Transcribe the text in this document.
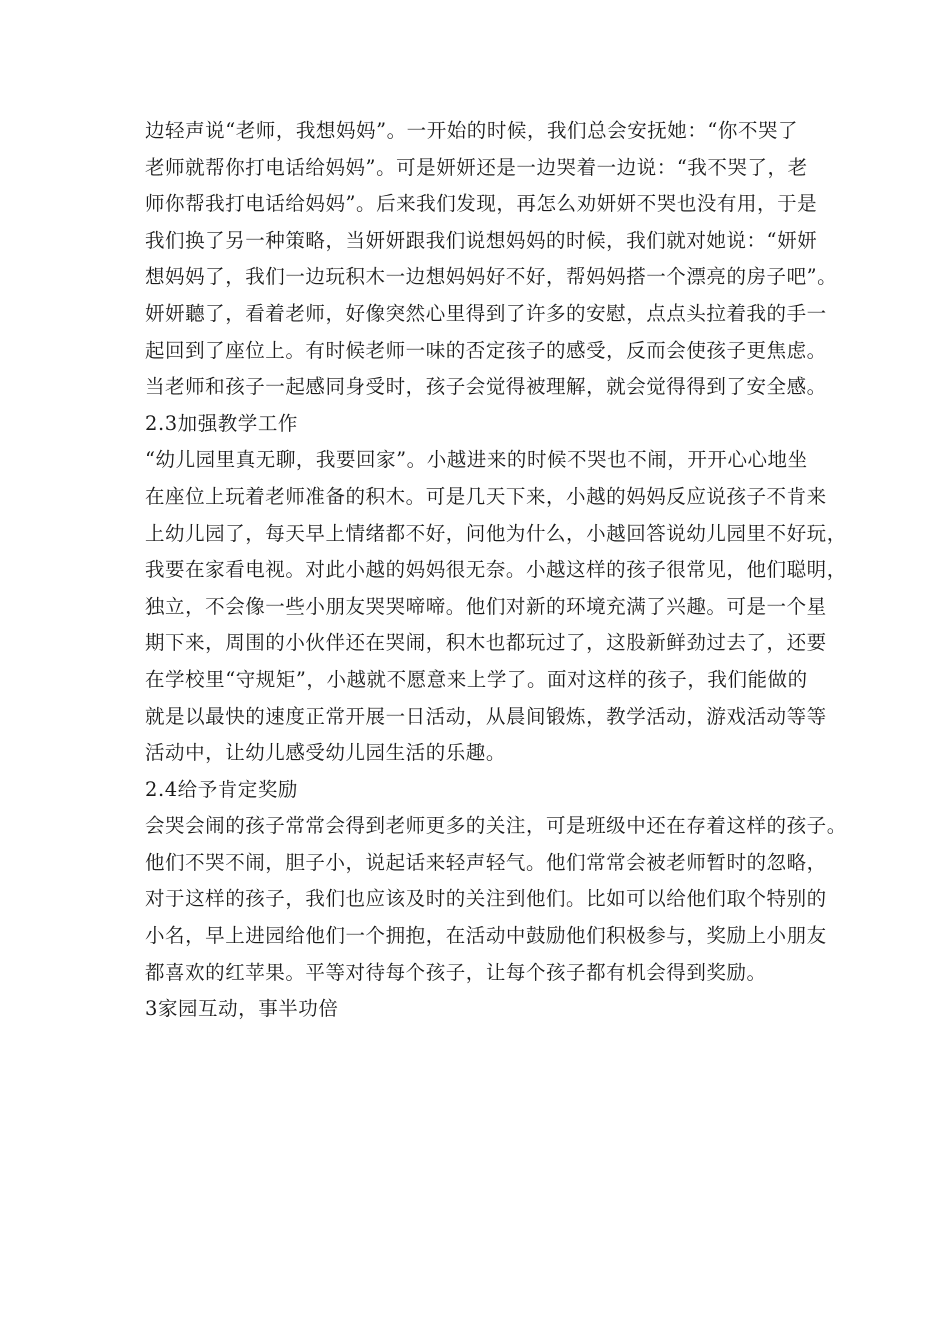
边轻声说“老师，我想妈妈”。一开始的时候，我们总会安抚她：“你不哭了
老师就帮你打电话给妈妈”。可是妍妍还是一边哭着一边说：“我不哭了，老
师你帮我打电话给妈妈”。后来我们发现，再怎么劝妍妍不哭也没有用，于是
我们换了另一种策略，当妍妍跟我们说想妈妈的时候，我们就对她说：“妍妍
想妈妈了，我们一边玩积木一边想妈妈好不好，帮妈妈搭一个漂亮的房子吧”。
妍妍聽了，看着老师，好像突然心里得到了许多的安慰，点点头拉着我的手一
起回到了座位上。有时候老师一味的否定孩子的感受，反而会使孩子更焦虑。
当老师和孩子一起感同身受时，孩子会觉得被理解，就会觉得得到了安全感。
2.3加强教学工作
“幼儿园里真无聊，我要回家”。小越进来的时候不哭也不闹，开开心心地坐
在座位上玩着老师准备的积木。可是几天下来，小越的妈妈反应说孩子不肯来
上幼儿园了，每天早上情绪都不好，问他为什么，小越回答说幼儿园里不好玩，
我要在家看电视。对此小越的妈妈很无奈。小越这样的孩子很常见，他们聪明，
独立，不会像一些小朋友哭哭啼啼。他们对新的环境充满了兴趣。可是一个星
期下来，周围的小伙伴还在哭闹，积木也都玩过了，这股新鲜劲过去了，还要
在学校里“守规矩”，小越就不愿意来上学了。面对这样的孩子，我们能做的
就是以最快的速度正常开展一日活动，从晨间锻炼，教学活动，游戏活动等等
活动中，让幼儿感受幼儿园生活的乐趣。
2.4给予肯定奖励
会哭会闹的孩子常常会得到老师更多的关注，可是班级中还在存着这样的孩子。
他们不哭不闹，胆子小，说起话来轻声轻气。他们常常会被老师暂时的忽略，
对于这样的孩子，我们也应该及时的关注到他们。比如可以给他们取个特别的
小名，早上进园给他们一个拥抱，在活动中鼓励他们积极参与，奖励上小朋友
都喜欢的红苹果。平等对待每个孩子，让每个孩子都有机会得到奖励。
3家园互动，事半功倍
